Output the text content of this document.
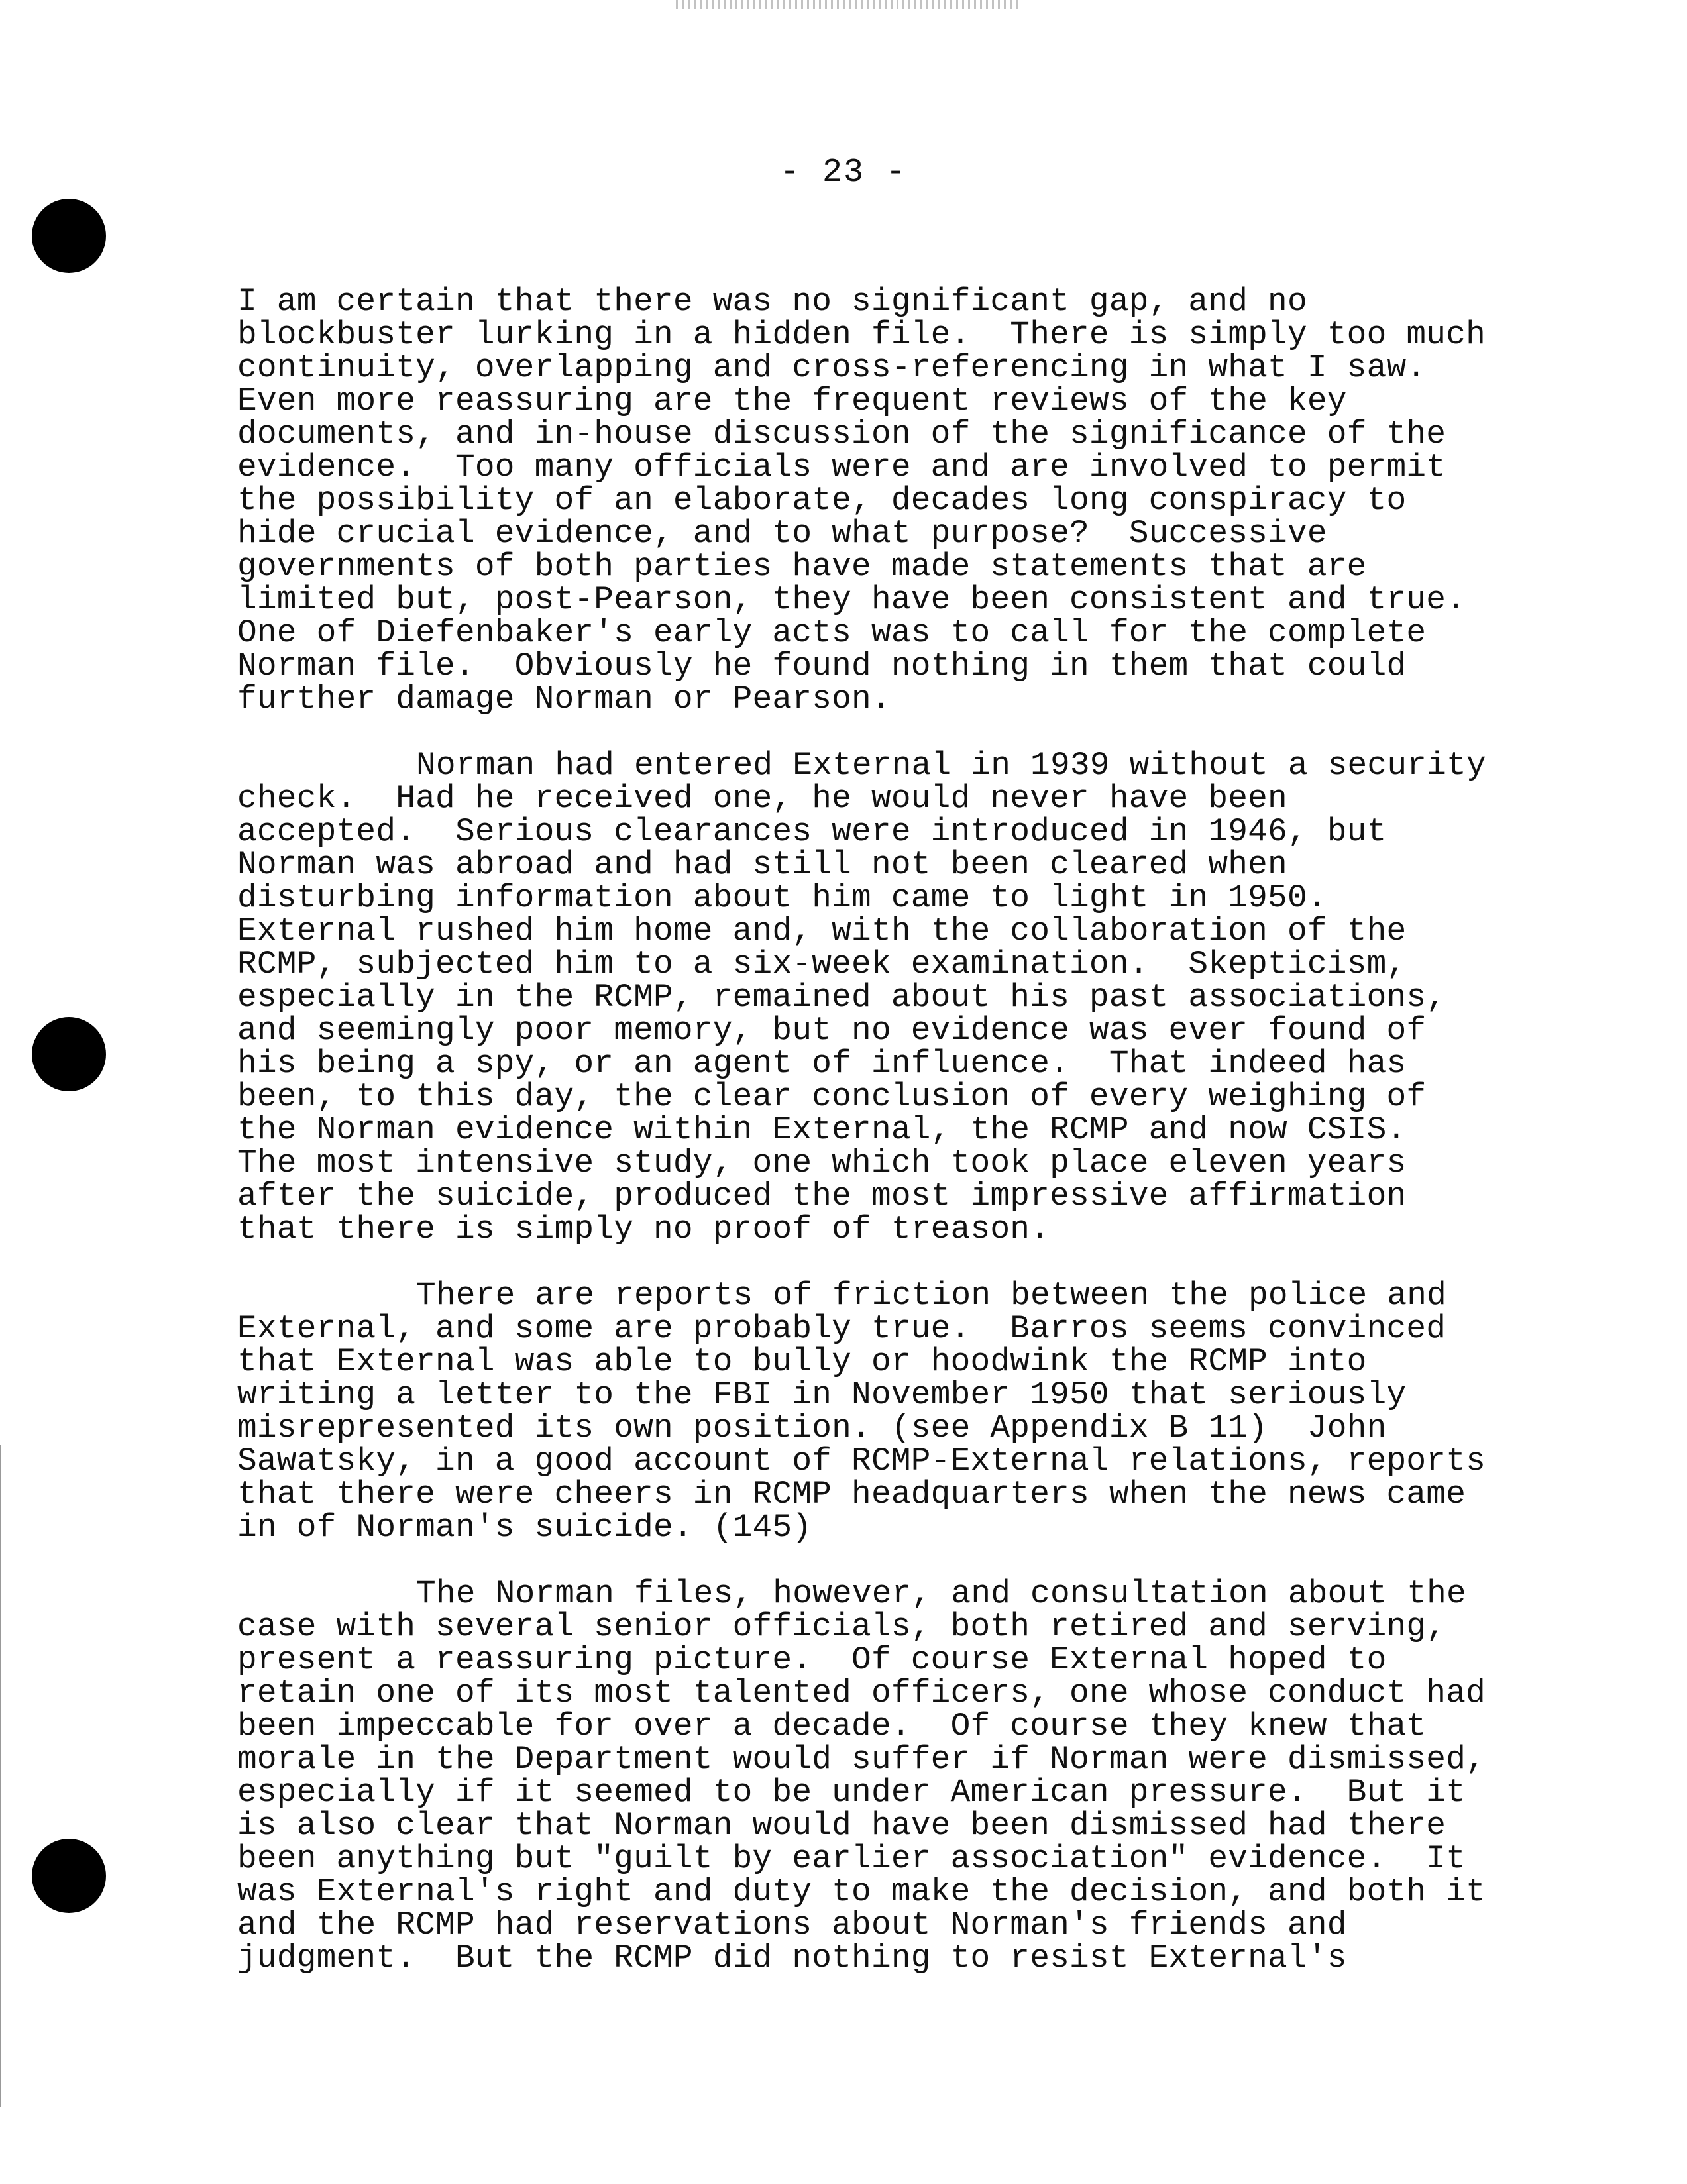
- 23 -
I am certain that there was no significant gap, and no
blockbuster lurking in a hidden file.  There is simply too much
continuity, overlapping and cross-referencing in what I saw.
Even more reassuring are the frequent reviews of the key
documents, and in-house discussion of the significance of the
evidence.  Too many officials were and are involved to permit
the possibility of an elaborate, decades long conspiracy to
hide crucial evidence, and to what purpose?  Successive
governments of both parties have made statements that are
limited but, post-Pearson, they have been consistent and true.
One of Diefenbaker's early acts was to call for the complete
Norman file.  Obviously he found nothing in them that could
further damage Norman or Pearson.
Norman had entered External in 1939 without a security
check.  Had he received one, he would never have been
accepted.  Serious clearances were introduced in 1946, but
Norman was abroad and had still not been cleared when
disturbing information about him came to light in 1950.
External rushed him home and, with the collaboration of the
RCMP, subjected him to a six-week examination.  Skepticism,
especially in the RCMP, remained about his past associations,
and seemingly poor memory, but no evidence was ever found of
his being a spy, or an agent of influence.  That indeed has
been, to this day, the clear conclusion of every weighing of
the Norman evidence within External, the RCMP and now CSIS.
The most intensive study, one which took place eleven years
after the suicide, produced the most impressive affirmation
that there is simply no proof of treason.
There are reports of friction between the police and
External, and some are probably true.  Barros seems convinced
that External was able to bully or hoodwink the RCMP into
writing a letter to the FBI in November 1950 that seriously
misrepresented its own position. (see Appendix B 11)  John
Sawatsky, in a good account of RCMP-External relations, reports
that there were cheers in RCMP headquarters when the news came
in of Norman's suicide. (145)
The Norman files, however, and consultation about the
case with several senior officials, both retired and serving,
present a reassuring picture.  Of course External hoped to
retain one of its most talented officers, one whose conduct had
been impeccable for over a decade.  Of course they knew that
morale in the Department would suffer if Norman were dismissed,
especially if it seemed to be under American pressure.  But it
is also clear that Norman would have been dismissed had there
been anything but "guilt by earlier association" evidence.  It
was External's right and duty to make the decision, and both it
and the RCMP had reservations about Norman's friends and
judgment.  But the RCMP did nothing to resist External's
